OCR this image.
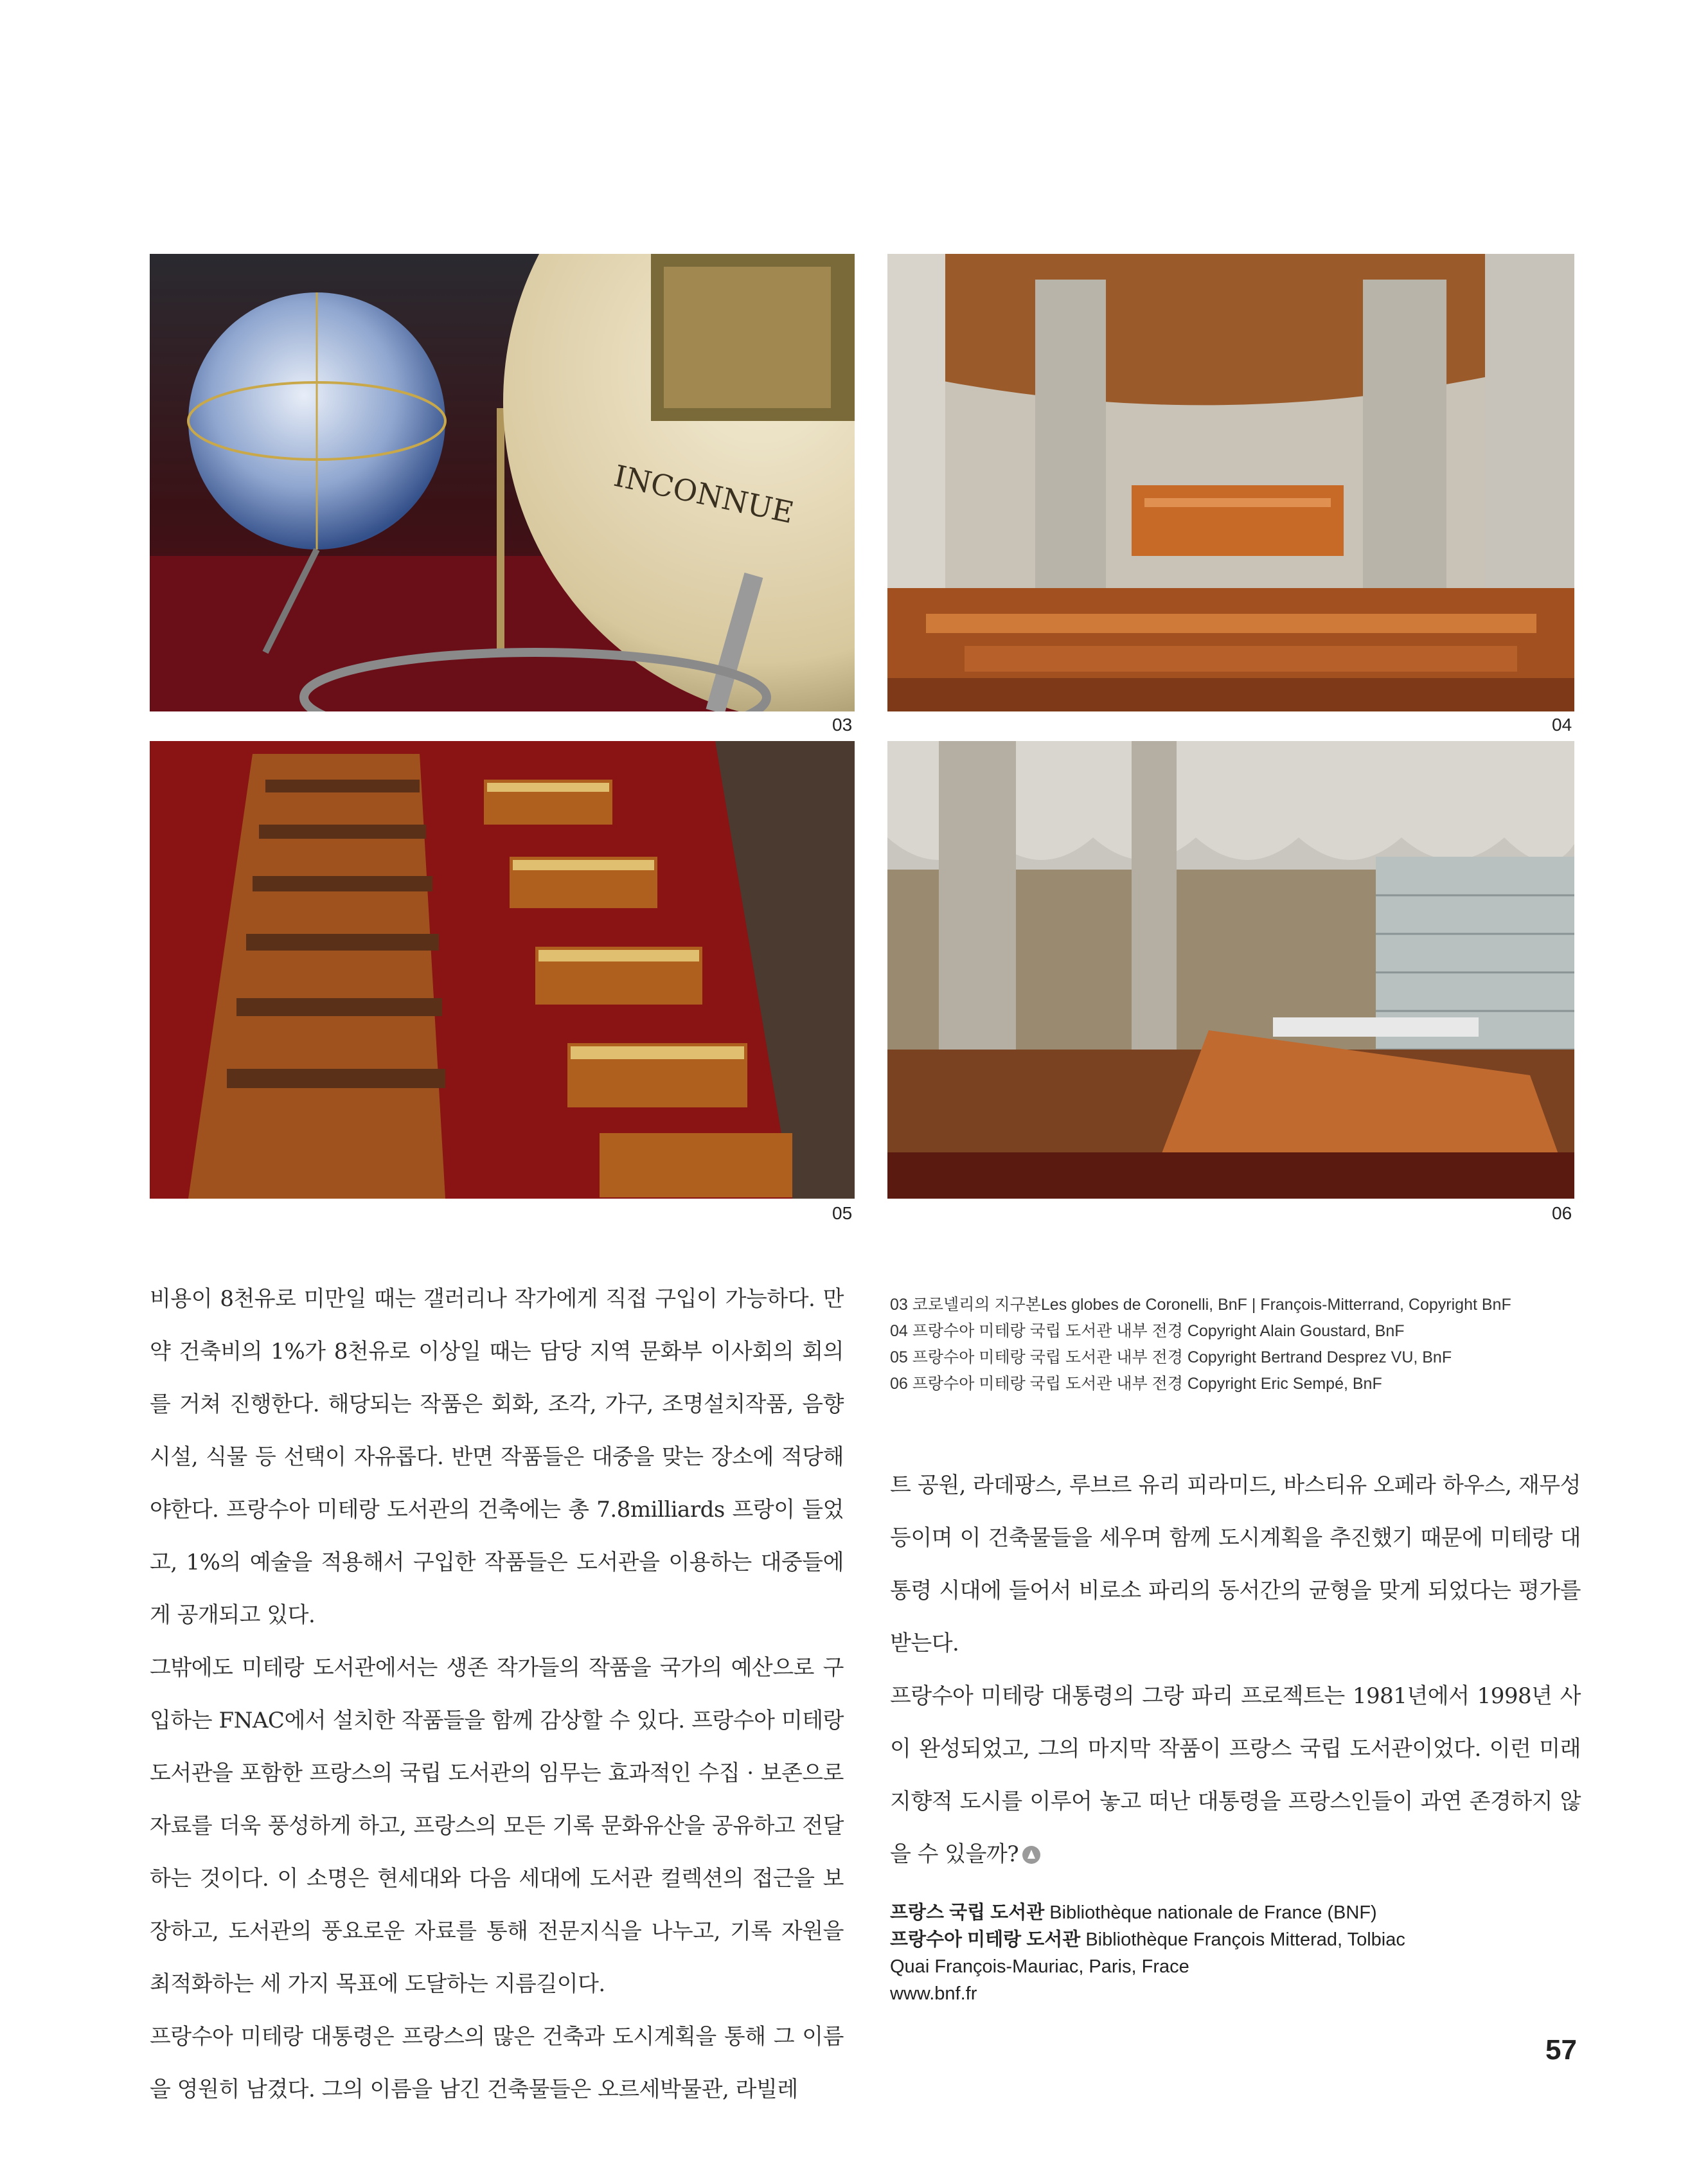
INCONNUE
03	04
05	06

비용이 8천유로 미만일 때는 갤러리나 작가에게 직접 구입이 가능하다. 만약 건축비의 1%가 8천유로 이상일 때는 담당 지역 문화부 이사회의 회의를 거쳐 진행한다. 해당되는 작품은 회화, 조각, 가구, 조명설치작품, 음향 시설, 식물 등 선택이 자유롭다. 반면 작품들은 대중을 맞는 장소에 적당해야한다. 프랑수아 미테랑 도서관의 건축에는 총 7.8milliards 프랑이 들었고, 1%의 예술을 적용해서 구입한 작품들은 도서관을 이용하는 대중들에게 공개되고 있다.

그밖에도 미테랑 도서관에서는 생존 작가들의 작품을 국가의 예산으로 구입하는 FNAC에서 설치한 작품들을 함께 감상할 수 있다. 프랑수아 미테랑 도서관을 포함한 프랑스의 국립 도서관의 임무는 효과적인 수집 · 보존으로 자료를 더욱 풍성하게 하고, 프랑스의 모든 기록 문화유산을 공유하고 전달하는 것이다. 이 소명은 현세대와 다음 세대에 도서관 컬렉션의 접근을 보장하고, 도서관의 풍요로운 자료를 통해 전문지식을 나누고, 기록 자원을 최적화하는 세 가지 목표에 도달하는 지름길이다.

프랑수아 미테랑 대통령은 프랑스의 많은 건축과 도시계획을 통해 그 이름을 영원히 남겼다. 그의 이름을 남긴 건축물들은 오르세박물관, 라빌레

03 코로넬리의 지구본Les globes de Coronelli, BnF | François-Mitterrand, Copyright BnF
04 프랑수아 미테랑 국립 도서관 내부 전경 Copyright Alain Goustard, BnF
05 프랑수아 미테랑 국립 도서관 내부 전경 Copyright Bertrand Desprez VU, BnF
06 프랑수아 미테랑 국립 도서관 내부 전경 Copyright Eric Sempé, BnF

트 공원, 라데팡스, 루브르 유리 피라미드, 바스티유 오페라 하우스, 재무성 등이며 이 건축물들을 세우며 함께 도시계획을 추진했기 때문에 미테랑 대통령 시대에 들어서 비로소 파리의 동서간의 균형을 맞게 되었다는 평가를 받는다.

프랑수아 미테랑 대통령의 그랑 파리 프로젝트는 1981년에서 1998년 사이 완성되었고, 그의 마지막 작품이 프랑스 국립 도서관이었다. 이런 미래 지향적 도시를 이루어 놓고 떠난 대통령을 프랑스인들이 과연 존경하지 않을 수 있을까?

프랑스 국립 도서관 Bibliothèque nationale de France (BNF)
프랑수아 미테랑 도서관 Bibliothèque François Mitterad, Tolbiac
Quai François-Mauriac, Paris, Frace
www.bnf.fr
57
